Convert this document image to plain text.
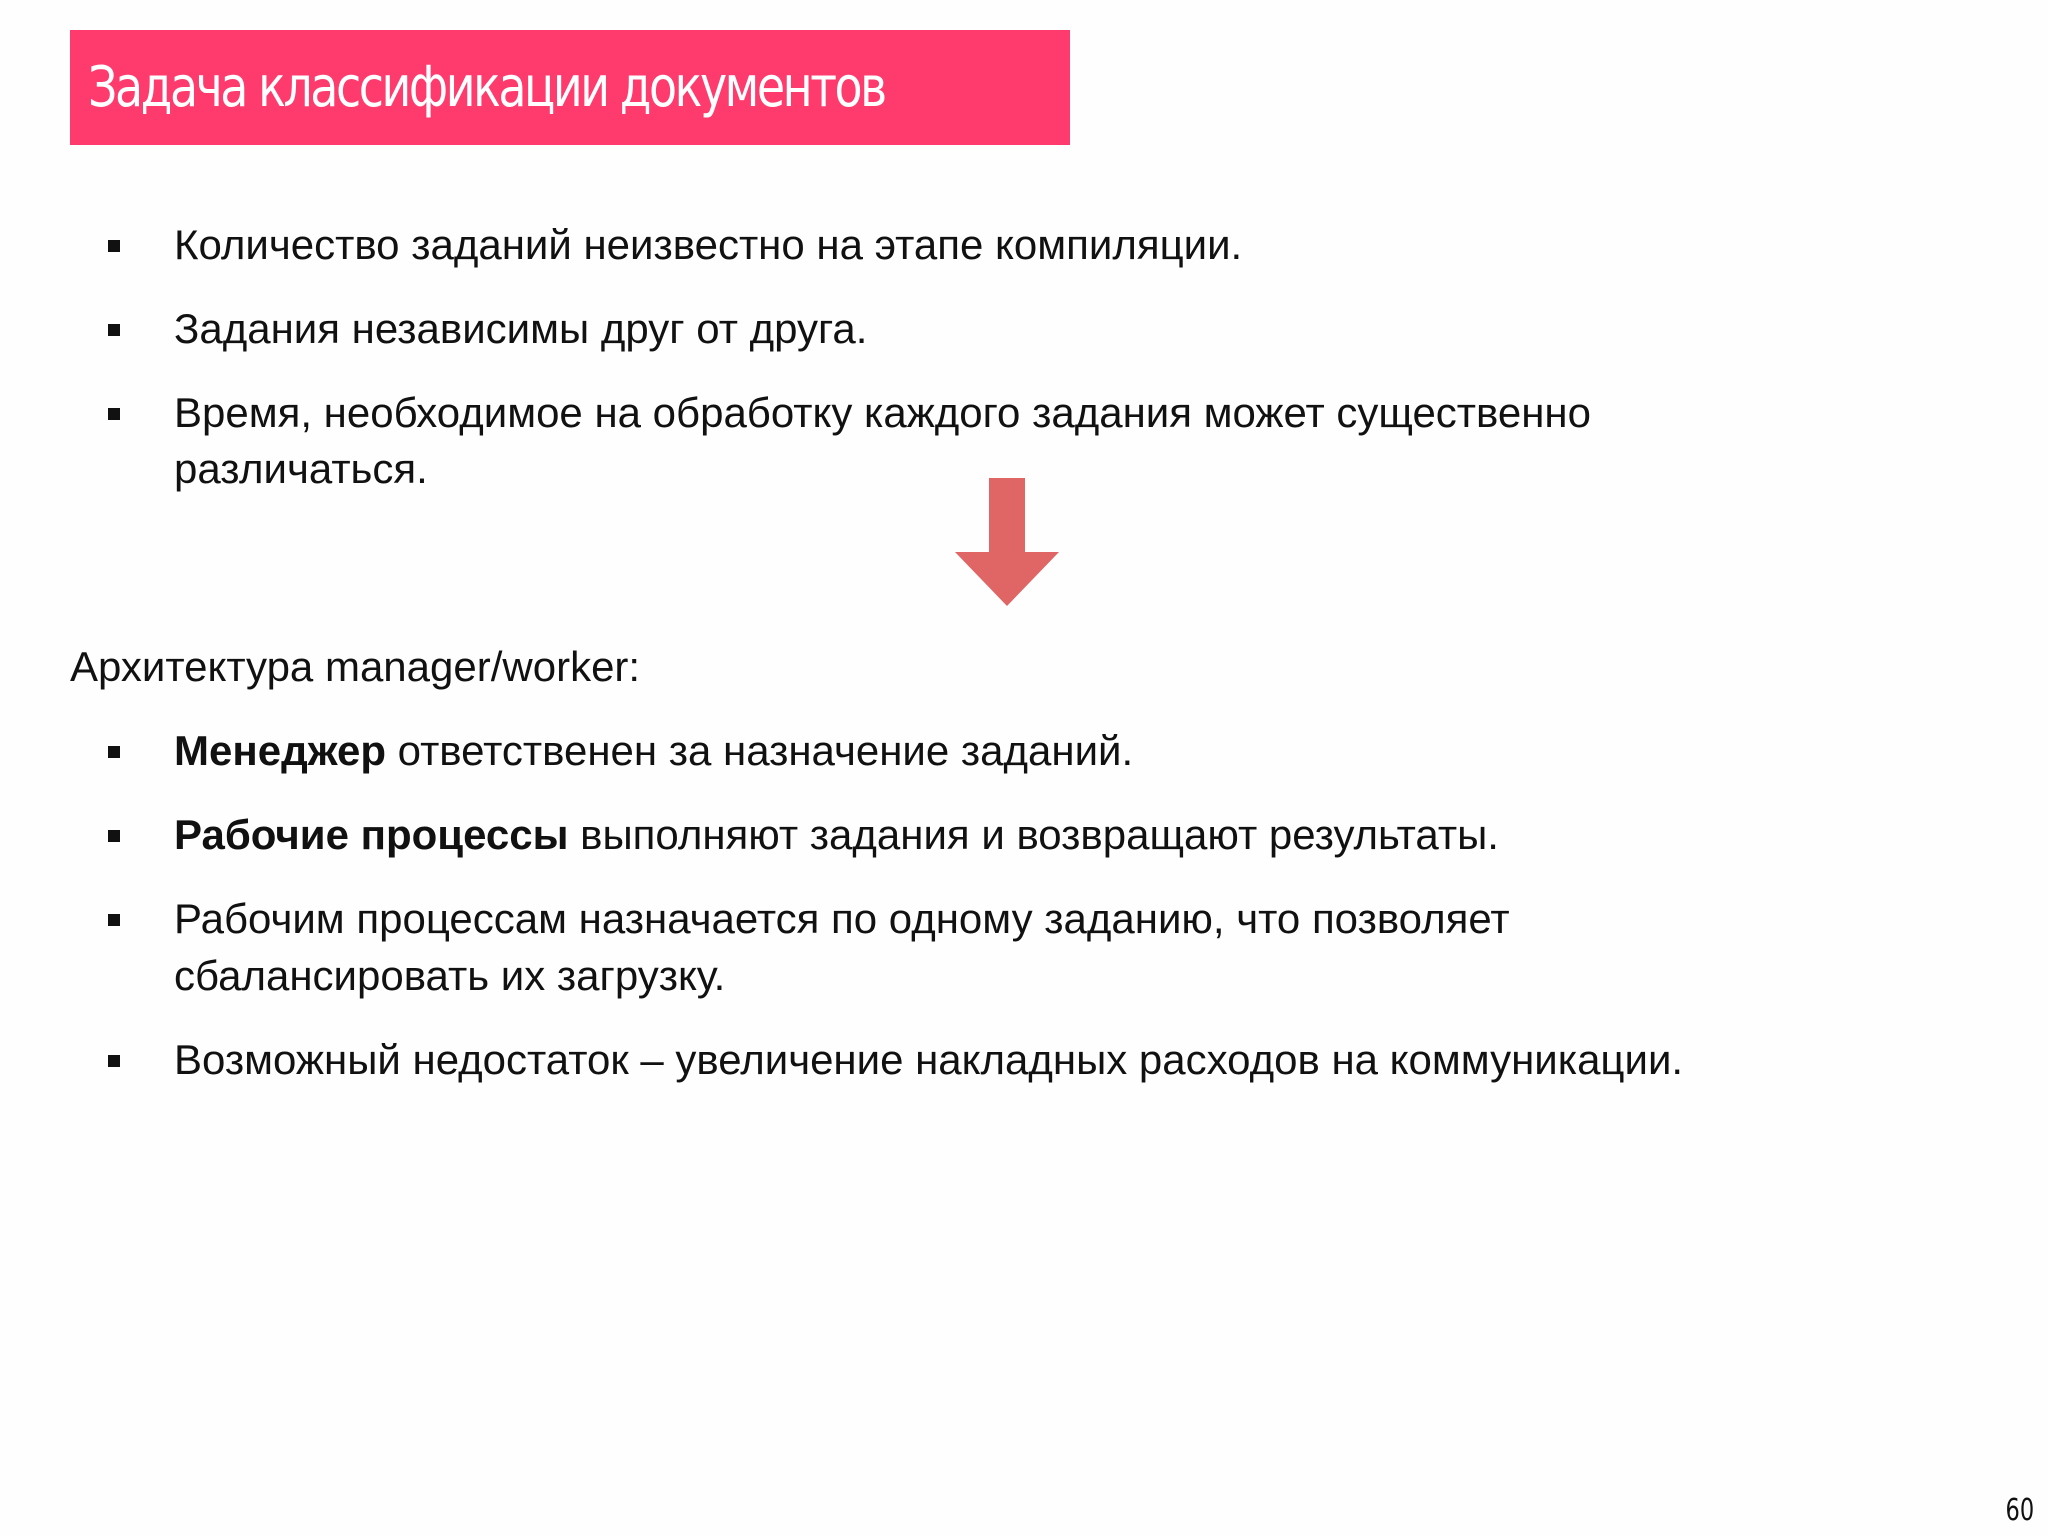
Задача классификации документов
Количество заданий неизвестно на этапе компиляции.
Задания независимы друг от друга.
Время, необходимое на обработку каждого задания может существенно
различаться.
Архитектура manager/worker:
Менеджер ответственен за назначение заданий.
Рабочие процессы выполняют задания и возвращают результаты.
Рабочим процессам назначается по одному заданию, что позволяет
сбалансировать их загрузку.
Возможный недостаток – увеличение накладных расходов на коммуникации.
60
